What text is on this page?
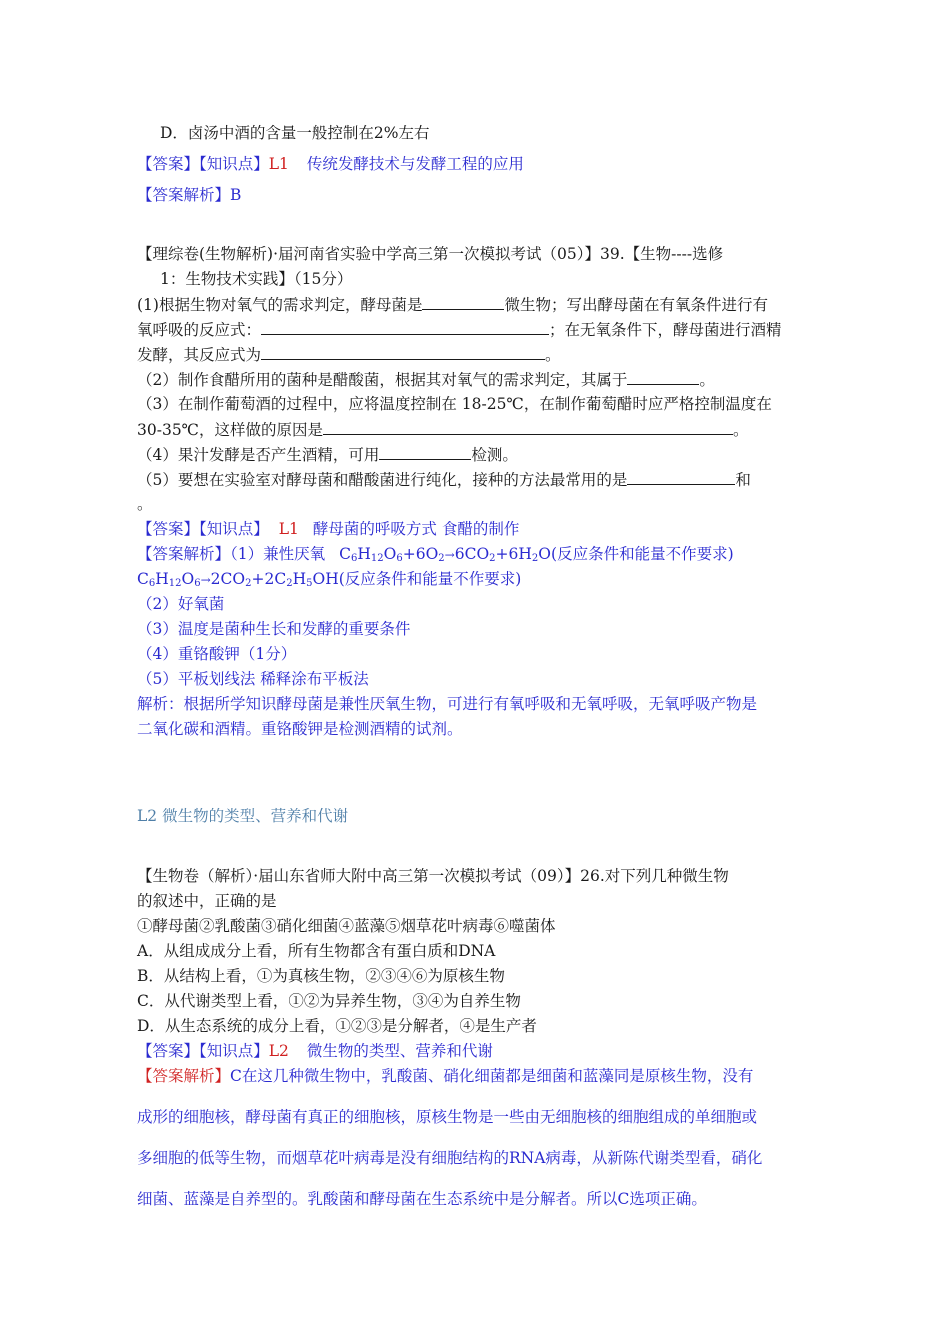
D．卤汤中酒的含量一般控制在2%左右
【答案】【知识点】L1 传统发酵技术与发酵工程的应用
【答案解析】B
【理综卷(生物解析)·届河南省实验中学高三第一次模拟考试（05）】39.【生物----选修
1：生物技术实践】（15分）
(1)根据生物对氧气的需求判定，酵母菌是	微生物；写出酵母菌在有氧条件进行有
氧呼吸的反应式：	；在无氧条件下，酵母菌进行酒精
发酵，其反应式为	。
（2）制作食醋所用的菌种是醋酸菌，根据其对氧气的需求判定，其属于	。
（3）在制作葡萄酒的过程中，应将温度控制在 18-25℃，在制作葡萄醋时应严格控制温度在
30-35℃，这样做的原因是	。
（4）果汁发酵是否产生酒精，可用	检测。
（5）要想在实验室对酵母菌和醋酸菌进行纯化，接种的方法最常用的是	和
。
【答案】【知识点】 L1 酵母菌的呼吸方式 食醋的制作
【答案解析】（1）兼性厌氧 $C_6H_{12}O_6+6O_2\to 6CO_2+6H_2O$(反应条件和能量不作要求)
$C_6H_{12}O_6\to 2CO_2+2C_2H_5OH$(反应条件和能量不作要求)
（2）好氧菌
（3）温度是菌种生长和发酵的重要条件
（4）重铬酸钾（1分）
（5）平板划线法 稀释涂布平板法
解析：根据所学知识酵母菌是兼性厌氧生物，可进行有氧呼吸和无氧呼吸，无氧呼吸产物是
二氧化碳和酒精。重铬酸钾是检测酒精的试剂。
L2 微生物的类型、营养和代谢
【生物卷（解析）·届山东省师大附中高三第一次模拟考试（09）】26.对下列几种微生物
的叙述中，正确的是
①酵母菌②乳酸菌③硝化细菌④蓝藻⑤烟草花叶病毒⑥噬菌体
A．从组成成分上看，所有生物都含有蛋白质和DNA
B．从结构上看，①为真核生物，②③④⑥为原核生物
C．从代谢类型上看，①②为异养生物，③④为自养生物
D．从生态系统的成分上看，①②③是分解者，④是生产者
【答案】【知识点】L2 微生物的类型、营养和代谢
【答案解析】C在这几种微生物中，乳酸菌、硝化细菌都是细菌和蓝藻同是原核生物，没有
成形的细胞核，酵母菌有真正的细胞核，原核生物是一些由无细胞核的细胞组成的单细胞或
多细胞的低等生物，而烟草花叶病毒是没有细胞结构的RNA病毒，从新陈代谢类型看，硝化
细菌、蓝藻是自养型的。乳酸菌和酵母菌在生态系统中是分解者。所以C选项正确。
